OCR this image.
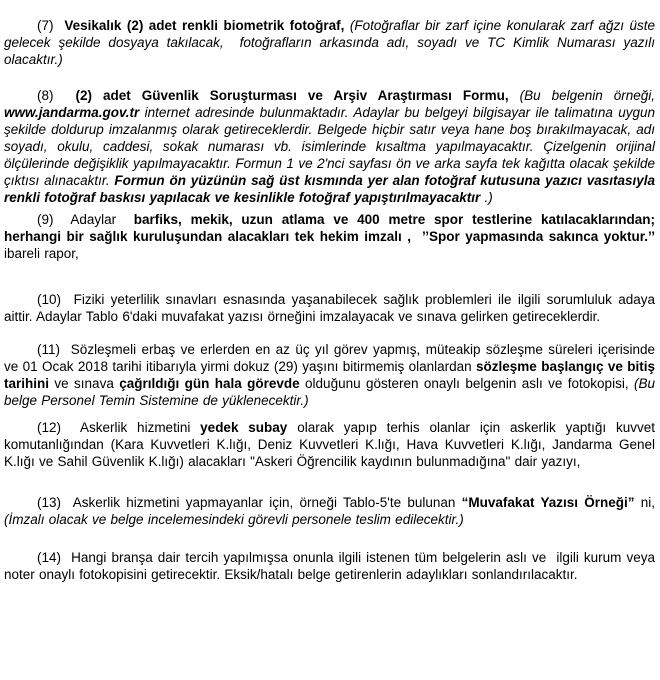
(7)  Vesikalık (2) adet renkli biometrik fotoğraf, (Fotoğraflar bir zarf içine konularak zarf ağzı üste gelecek şekilde dosyaya takılacak,  fotoğrafların arkasında adı, soyadı ve TC Kimlik Numarası yazılı olacaktır.)

(8)  (2) adet Güvenlik Soruşturması ve Arşiv Araştırması Formu, (Bu belgenin örneği, www.jandarma.gov.tr internet adresinde bulunmaktadır. Adaylar bu belgeyi bilgisayar ile talimatına uygun şekilde doldurup imzalanmış olarak getireceklerdir. Belgede hiçbir satır veya hane boş bırakılmayacak, adı soyadı, okulu, caddesi, sokak numarası vb. isimlerinde kısaltma yapılmayacaktır. Çizelgenin orijinal ölçülerinde değişiklik yapılmayacaktır. Formun 1 ve 2'nci sayfası ön ve arka sayfa tek kağıtta olacak şekilde çıktısı alınacaktır. Formun ön yüzünün sağ üst kısmında yer alan fotoğraf kutusuna yazıcı vasıtasıyla renkli fotoğraf baskısı yapılacak ve kesinlikle fotoğraf yapıştırılmayacaktır .)

(9)  Adaylar  barfiks, mekik, uzun atlama ve 400 metre spor testlerine katılacaklarından; herhangi bir sağlık kuruluşundan alacakları tek hekim imzalı ,  ’’Spor yapmasında sakınca yoktur.’’ ibareli rapor,

(10)  Fiziki yeterlilik sınavları esnasında yaşanabilecek sağlık problemleri ile ilgili sorumluluk adaya aittir. Adaylar Tablo 6'daki muvafakat yazısı örneğini imzalayacak ve sınava gelirken getireceklerdir.

(11)  Sözleşmeli erbaş ve erlerden en az üç yıl görev yapmış, müteakip sözleşme süreleri içerisinde ve 01 Ocak 2018 tarihi itibarıyla yirmi dokuz (29) yaşını bitirmemiş olanlardan sözleşme başlangıç ve bitiş tarihini ve sınava çağrıldığı gün hala görevde olduğunu gösteren onaylı belgenin aslı ve fotokopisi, (Bu belge Personel Temin Sistemine de yüklenecektir.)

(12)  Askerlik hizmetini yedek subay olarak yapıp terhis olanlar için askerlik yaptığı kuvvet komutanlığından (Kara Kuvvetleri K.lığı, Deniz Kuvvetleri K.lığı, Hava Kuvvetleri K.lığı, Jandarma Genel K.lığı ve Sahil Güvenlik K.lığı) alacakları "Askeri Öğrencilik kaydının bulunmadığına" dair yazıyı,

(13)  Askerlik hizmetini yapmayanlar için, örneği Tablo-5'te bulunan “Muvafakat Yazısı Örneği” ni, (İmzalı olacak ve belge incelemesindeki görevli personele teslim edilecektir.)

(14)  Hangi branşa dair tercih yapılmışsa onunla ilgili istenen tüm belgelerin aslı ve  ilgili kurum veya noter onaylı fotokopisini getirecektir. Eksik/hatalı belge getirenlerin adaylıkları sonlandırılacaktır.
